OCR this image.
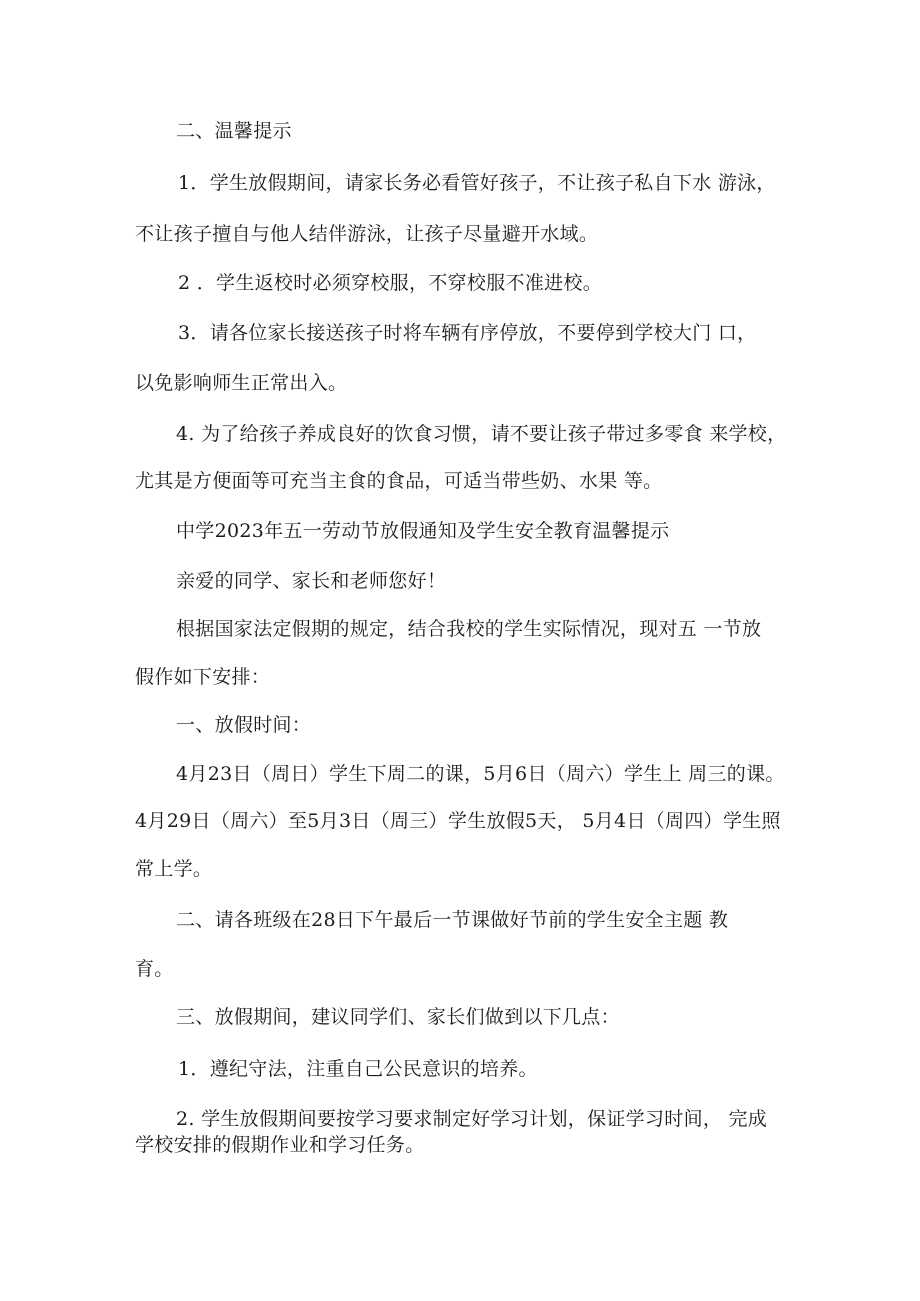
二、温馨提示
1．学生放假期间，请家长务必看管好孩子，不让孩子私自下水 游泳，
不让孩子擅自与他人结伴游泳，让孩子尽量避开水域。
2 ．学生返校时必须穿校服，不穿校服不准进校。
3．请各位家长接送孩子时将车辆有序停放，不要停到学校大门 口，
以免影响师生正常出入。
4. 为了给孩子养成良好的饮食习惯，请不要让孩子带过多零食 来学校，
尤其是方便面等可充当主食的食品，可适当带些奶、水果 等。
中学2023年五一劳动节放假通知及学生安全教育温馨提示
亲爱的同学、家长和老师您好！
根据国家法定假期的规定，结合我校的学生实际情况，现对五 一节放
假作如下安排：
一、放假时间：
4月23日（周日）学生下周二的课，5月6日（周六）学生上 周三的课。
4月29日（周六）至5月3日（周三）学生放假5天， 5月4日（周四）学生照
常上学。
二、请各班级在28日下午最后一节课做好节前的学生安全主题 教
育。
三、放假期间，建议同学们、家长们做到以下几点：
1．遵纪守法，注重自己公民意识的培养。
2. 学生放假期间要按学习要求制定好学习计划，保证学习时间， 完成
学校安排的假期作业和学习任务。
